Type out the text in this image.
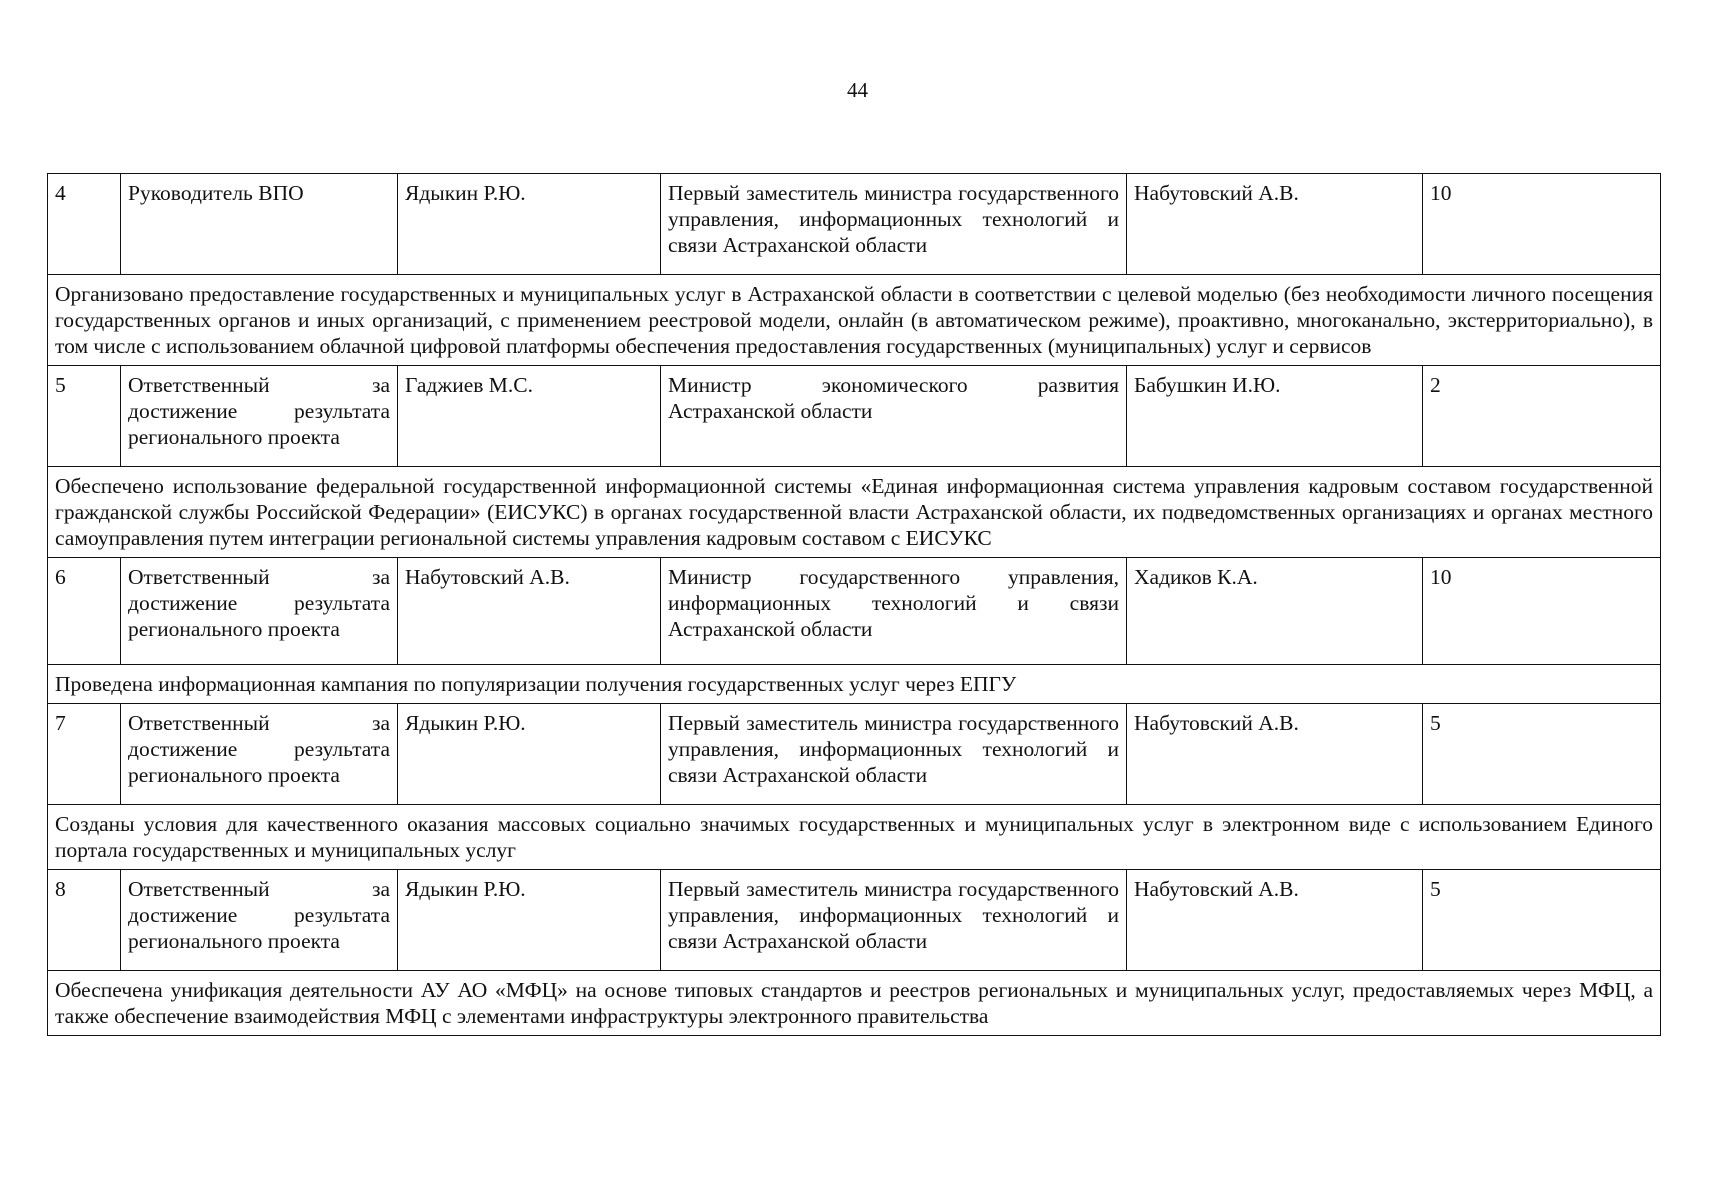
44
4	Руководитель ВПО	Ядыкин Р.Ю.	Первый заместитель министра государственного управления, информационных технологий и связи Астраханской области	Набутовский А.В.	10
Организовано предоставление государственных и муниципальных услуг в Астраханской области в соответствии с целевой моделью (без необходимости личного посещения государственных органов и иных организаций, с применением реестровой модели, онлайн (в автоматическом режиме), проактивно, многоканально, экстерриториально), в том числе с использованием облачной цифровой платформы обеспечения предоставления государственных (муниципальных) услуг и сервисов					
5	Ответственный за достижение результата регионального проекта	Гаджиев М.С.	Министр экономического развития Астраханской области	Бабушкин И.Ю.	2
Обеспечено использование федеральной государственной информационной системы «Единая информационная система управления кадровым составом государственной гражданской службы Российской Федерации» (ЕИСУКС) в органах государственной власти Астраханской области, их подведомственных организациях и органах местного самоуправления путем интеграции региональной системы управления кадровым составом с ЕИСУКС					
6	Ответственный за достижение результата регионального проекта	Набутовский А.В.	Министр государственного управления, информационных технологий и связи Астраханской области	Хадиков К.А.	10
Проведена информационная кампания по популяризации получения государственных услуг через ЕПГУ					
7	Ответственный за достижение результата регионального проекта	Ядыкин Р.Ю.	Первый заместитель министра государственного управления, информационных технологий и связи Астраханской области	Набутовский А.В.	5
Созданы условия для качественного оказания массовых социально значимых государственных и муниципальных услуг в электронном виде с использованием Единого портала государственных и муниципальных услуг					
8	Ответственный за достижение результата регионального проекта	Ядыкин Р.Ю.	Первый заместитель министра государственного управления, информационных технологий и связи Астраханской области	Набутовский А.В.	5
Обеспечена унификация деятельности АУ АО «МФЦ» на основе типовых стандартов и реестров региональных и муниципальных услуг, предоставляемых через МФЦ, а также обеспечение взаимодействия МФЦ с элементами инфраструктуры электронного правительства					
